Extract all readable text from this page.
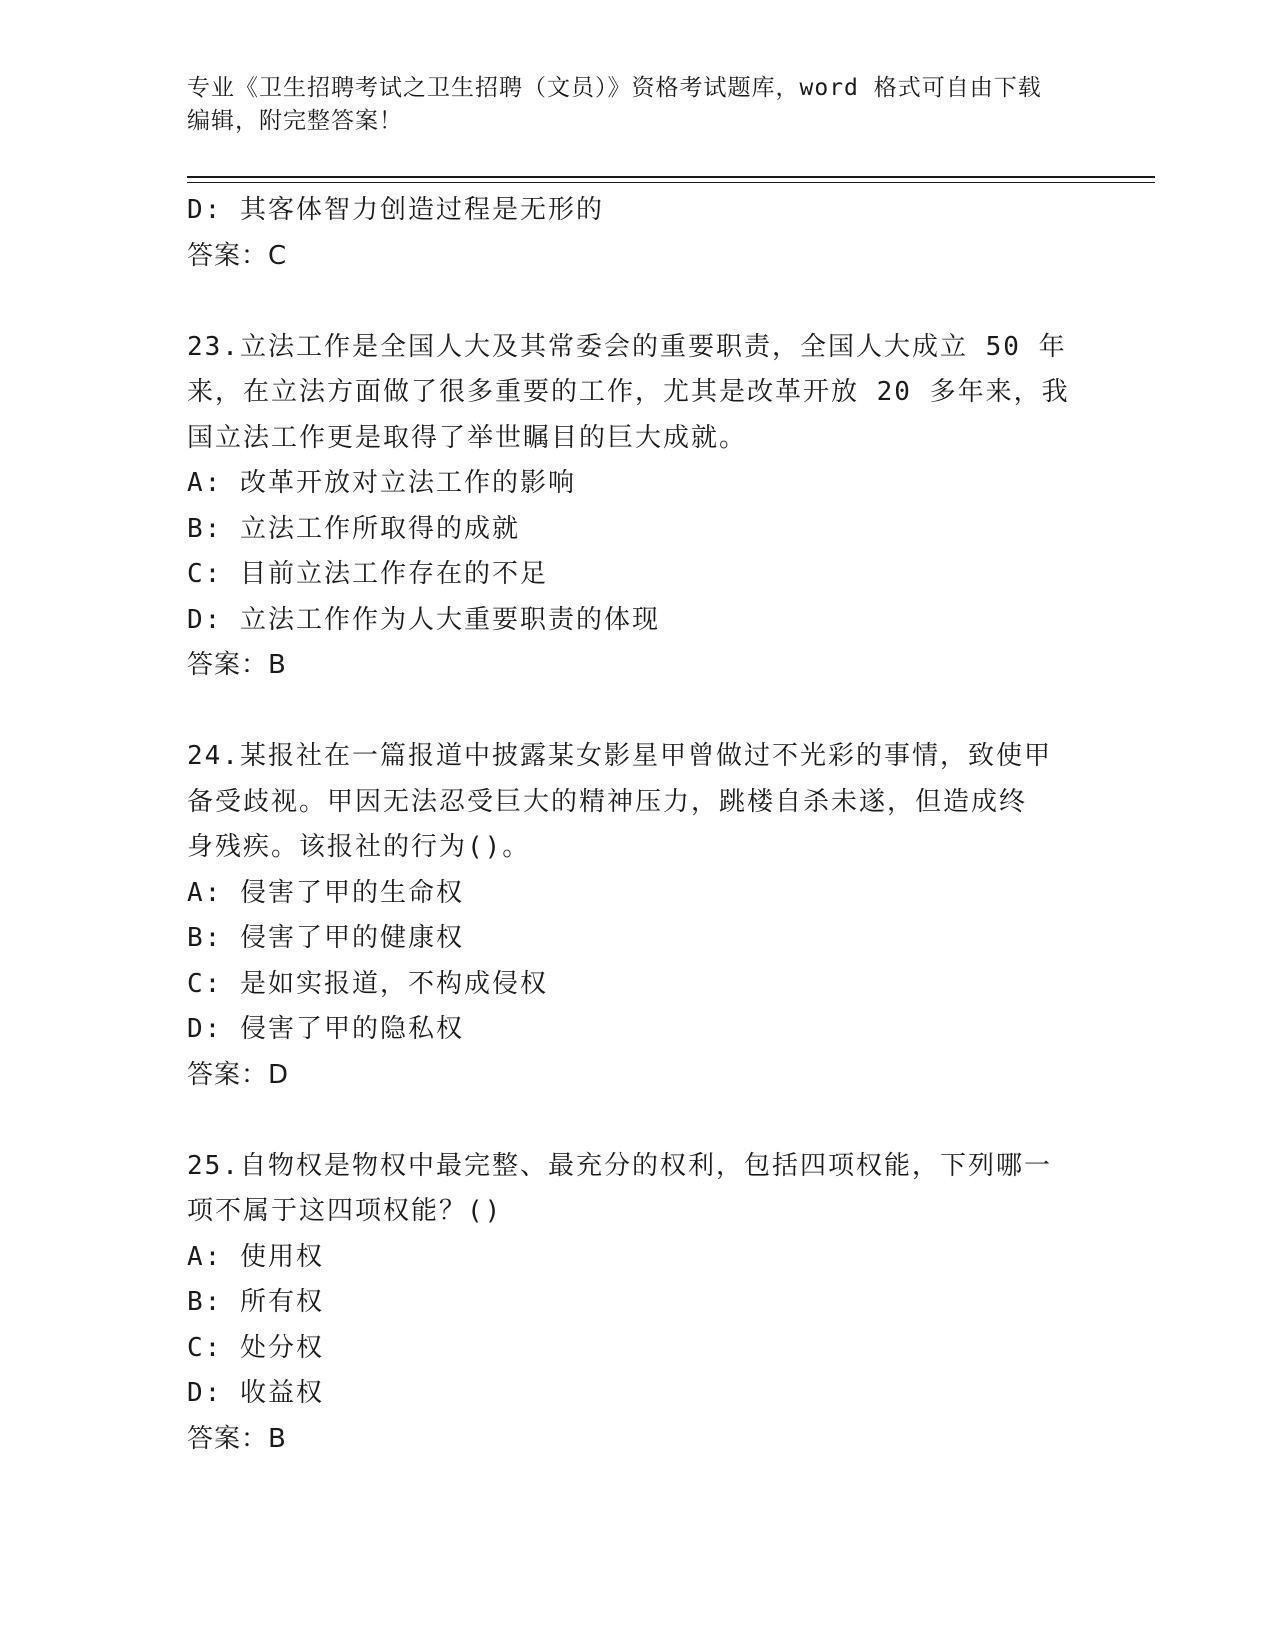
专业《卫生招聘考试之卫生招聘（文员）》资格考试题库，word 格式可自由下载
编辑，附完整答案！
D: 其客体智力创造过程是无形的
答案：C
23.立法工作是全国人大及其常委会的重要职责，全国人大成立 50 年
来，在立法方面做了很多重要的工作，尤其是改革开放 20 多年来，我
国立法工作更是取得了举世瞩目的巨大成就。
A: 改革开放对立法工作的影响
B: 立法工作所取得的成就
C: 目前立法工作存在的不足
D: 立法工作作为人大重要职责的体现
答案：B
24.某报社在一篇报道中披露某女影星甲曾做过不光彩的事情，致使甲
备受歧视。甲因无法忍受巨大的精神压力，跳楼自杀未遂，但造成终
身残疾。该报社的行为()。
A: 侵害了甲的生命权
B: 侵害了甲的健康权
C: 是如实报道，不构成侵权
D: 侵害了甲的隐私权
答案：D
25.自物权是物权中最完整、最充分的权利，包括四项权能，下列哪一
项不属于这四项权能？()
A: 使用权
B: 所有权
C: 处分权
D: 收益权
答案：B
